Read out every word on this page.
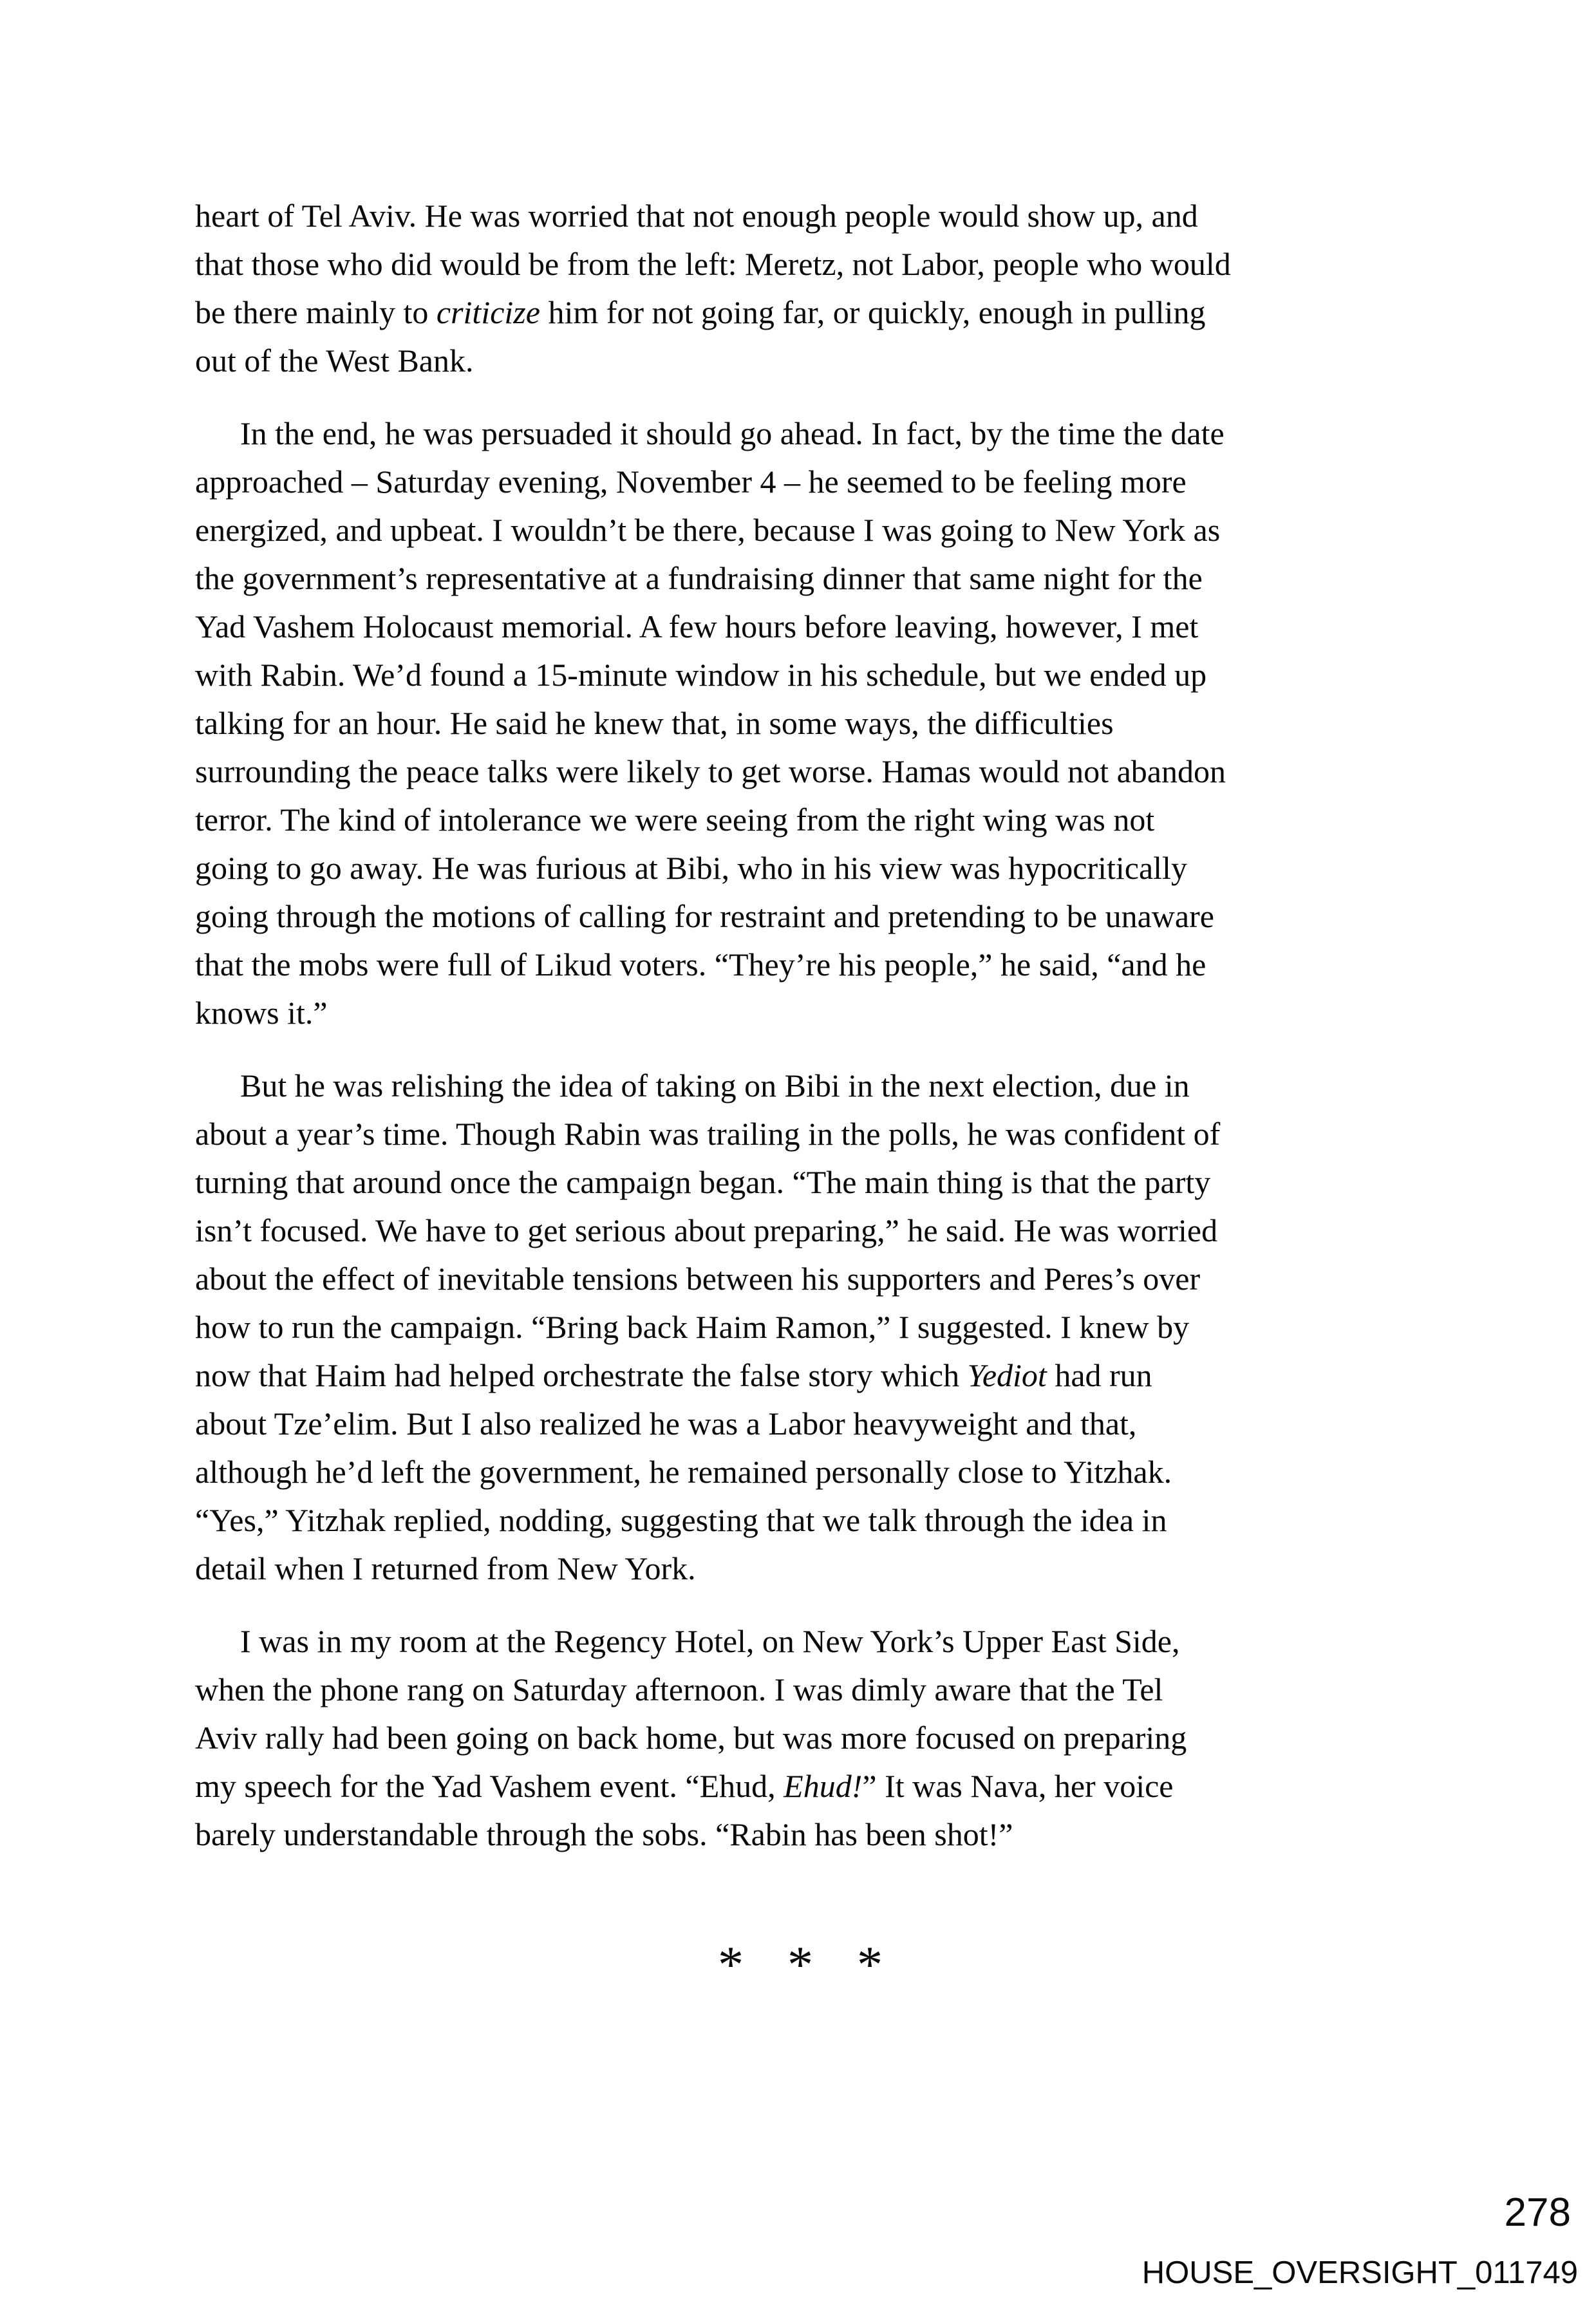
heart of Tel Aviv. He was worried that not enough people would show up, and
that those who did would be from the left: Meretz, not Labor, people who would
be there mainly to criticize him for not going far, or quickly, enough in pulling
out of the West Bank.
In the end, he was persuaded it should go ahead. In fact, by the time the date
approached – Saturday evening, November 4 – he seemed to be feeling more
energized, and upbeat. I wouldn’t be there, because I was going to New York as
the government’s representative at a fundraising dinner that same night for the
Yad Vashem Holocaust memorial. A few hours before leaving, however, I met
with Rabin. We’d found a 15-minute window in his schedule, but we ended up
talking for an hour. He said he knew that, in some ways, the difficulties
surrounding the peace talks were likely to get worse. Hamas would not abandon
terror. The kind of intolerance we were seeing from the right wing was not
going to go away. He was furious at Bibi, who in his view was hypocritically
going through the motions of calling for restraint and pretending to be unaware
that the mobs were full of Likud voters. “They’re his people,” he said, “and he
knows it.”
But he was relishing the idea of taking on Bibi in the next election, due in
about a year’s time. Though Rabin was trailing in the polls, he was confident of
turning that around once the campaign began. “The main thing is that the party
isn’t focused. We have to get serious about preparing,” he said. He was worried
about the effect of inevitable tensions between his supporters and Peres’s over
how to run the campaign. “Bring back Haim Ramon,” I suggested. I knew by
now that Haim had helped orchestrate the false story which Yediot had run
about Tze’elim. But I also realized he was a Labor heavyweight and that,
although he’d left the government, he remained personally close to Yitzhak.
“Yes,” Yitzhak replied, nodding, suggesting that we talk through the idea in
detail when I returned from New York.
I was in my room at the Regency Hotel, on New York’s Upper East Side,
when the phone rang on Saturday afternoon. I was dimly aware that the Tel
Aviv rally had been going on back home, but was more focused on preparing
my speech for the Yad Vashem event. “Ehud, Ehud!” It was Nava, her voice
barely understandable through the sobs. “Rabin has been shot!”
* * *
278
HOUSE_OVERSIGHT_011749
